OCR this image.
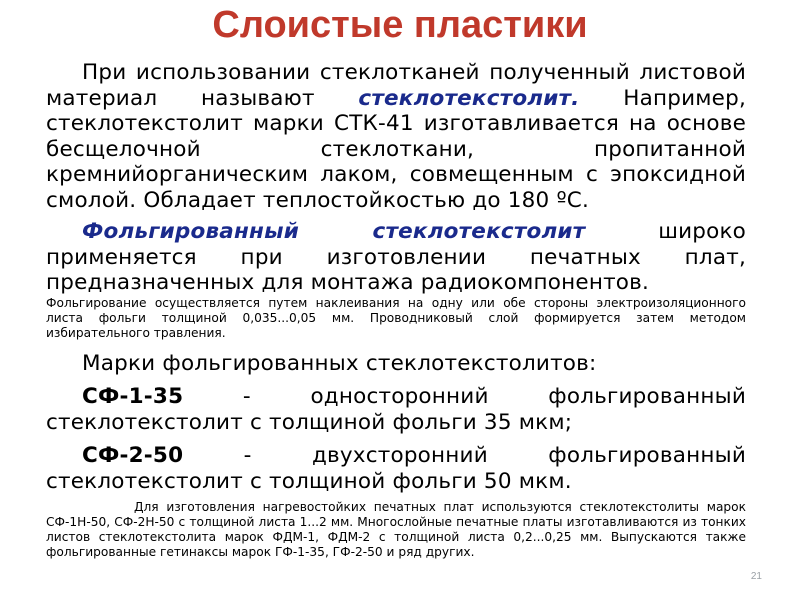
Слоистые пластики

При использовании стеклотканей полученный листовой материал называют стеклотекстолит. Например, стеклотекстолит марки СТК-41 изготавливается на основе бесщелочной стеклоткани, пропитанной кремнийорганическим лаком, совмещенным с эпоксидной смолой. Обладает теплостойкостью до 180 ºС.

Фольгированный стеклотекстолит широко применяется при изготовлении печатных плат, предназначенных для монтажа радиокомпонентов.

Фольгирование осуществляется путем наклеивания на одну или обе стороны электроизоляционного листа фольги толщиной 0,035...0,05 мм. Проводниковый слой формируется затем методом избирательного травления.

Марки фольгированных стеклотекстолитов:

СФ-1-35 - односторонний фольгированный стеклотекстолит с толщиной фольги 35 мкм;

СФ-2-50 - двухсторонний фольгированный стеклотекстолит с толщиной фольги 50 мкм.

Для изготовления нагревостойких печатных плат используются стеклотекстолиты марок СФ-1Н-50, СФ-2Н-50 с толщиной листа 1...2 мм. Многослойные печатные платы изготавливаются из тонких листов стеклотекстолита марок ФДМ-1, ФДМ-2 с толщиной листа 0,2...0,25 мм. Выпускаются также фольгированные гетинаксы марок ГФ-1-35, ГФ-2-50 и ряд других.

21
